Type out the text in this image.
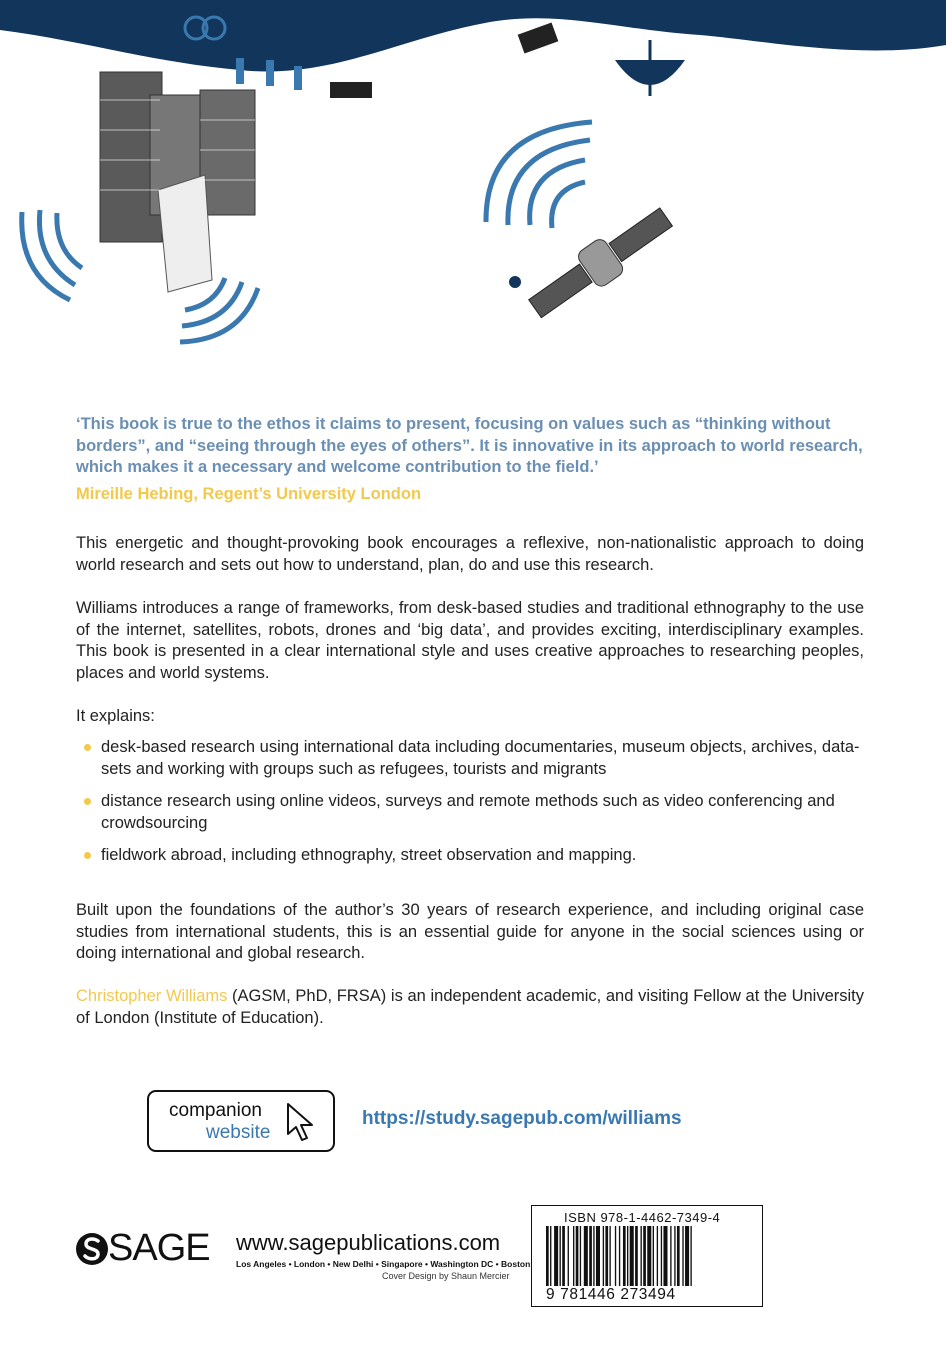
‘This book is true to the ethos it claims to present, focusing on values such as “thinking without borders”, and “seeing through the eyes of others”. It is innovative in its approach to world research, which makes it a necessary and welcome contribution to the field.’
Mireille Hebing, Regent’s University London

This energetic and thought-provoking book encourages a reflexive, non-nationalistic approach to doing world research and sets out how to understand, plan, do and use this research.

Williams introduces a range of frameworks, from desk-based studies and traditional ethnography to the use of the internet, satellites, robots, drones and ‘big data’, and provides exciting, interdisciplinary examples. This book is presented in a clear international style and uses creative approaches to researching peoples, places and world systems.

It explains:

desk-based research using international data including documentaries, museum objects, archives, data-sets and working with groups such as refugees, tourists and migrants
distance research using online videos, surveys and remote methods such as video conferencing and crowdsourcing
fieldwork abroad, including ethnography, street observation and mapping.

Built upon the foundations of the author’s 30 years of research experience, and including original case studies from international students, this is an essential guide for anyone in the social sciences using or doing international and global research.

Christopher Williams (AGSM, PhD, FRSA) is an independent academic, and visiting Fellow at the University of London (Institute of Education).

companion
website
https://study.sagepub.com/williams
SAGE www.sagepublications.com
Los Angeles • London • New Delhi • Singapore • Washington DC • Boston
Cover Design by Shaun Mercier
ISBN 978-1-4462-7349-4
9 781446 273494
